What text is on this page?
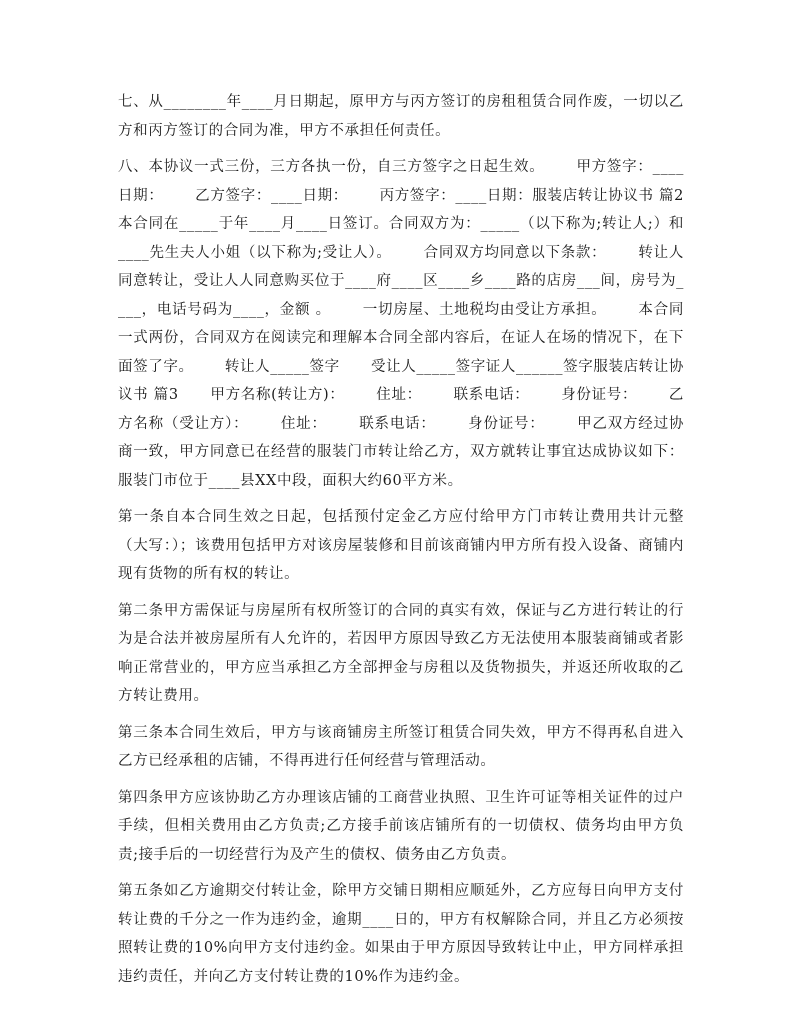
七、从________年____月日期起，原甲方与丙方签订的房租租赁合同作废，一切以乙方和丙方签订的合同为准，甲方不承担任何责任。

八、本协议一式三份，三方各执一份，自三方签字之日起生效。      甲方签字：____日期：      乙方签字：____日期：      丙方签字：____日期：服装店转让协议书 篇2      本合同在_____于年____月____日签订。合同双方为：_____（以下称为;转让人;）和____先生夫人小姐（以下称为;受让人）。      合同双方均同意以下条款：      转让人同意转让，受让人人同意购买位于____府____区____乡____路的店房___间，房号为____，电话号码为____，金额 。      一切房屋、土地税均由受让方承担。      本合同一式两份，合同双方在阅读完和理解本合同全部内容后，在证人在场的情况下，在下面签了字。      转让人_____签字      受让人_____签字证人______签字服装店转让协议书 篇3      甲方名称(转让方)：      住址：      联系电话：      身份证号：      乙方名称（受让方）：      住址：      联系电话：      身份证号：      甲乙双方经过协商一致，甲方同意已在经营的服装门市转让给乙方，双方就转让事宜达成协议如下：      服装门市位于____县XX中段，面积大约60平方米。

第一条自本合同生效之日起，包括预付定金乙方应付给甲方门市转让费用共计元整（大写：）；该费用包括甲方对该房屋装修和目前该商铺内甲方所有投入设备、商铺内现有货物的所有权的转让。

第二条甲方需保证与房屋所有权所签订的合同的真实有效，保证与乙方进行转让的行为是合法并被房屋所有人允许的，若因甲方原因导致乙方无法使用本服装商铺或者影响正常营业的，甲方应当承担乙方全部押金与房租以及货物损失，并返还所收取的乙方转让费用。

第三条本合同生效后，甲方与该商铺房主所签订租赁合同失效，甲方不得再私自进入乙方已经承租的店铺，不得再进行任何经营与管理活动。

第四条甲方应该协助乙方办理该店铺的工商营业执照、卫生许可证等相关证件的过户手续，但相关费用由乙方负责;乙方接手前该店铺所有的一切债权、债务均由甲方负责;接手后的一切经营行为及产生的债权、债务由乙方负责。

第五条如乙方逾期交付转让金，除甲方交铺日期相应顺延外，乙方应每日向甲方支付转让费的千分之一作为违约金，逾期____日的，甲方有权解除合同，并且乙方必须按照转让费的10%向甲方支付违约金。如果由于甲方原因导致转让中止，甲方同样承担违约责任，并向乙方支付转让费的10%作为违约金。
